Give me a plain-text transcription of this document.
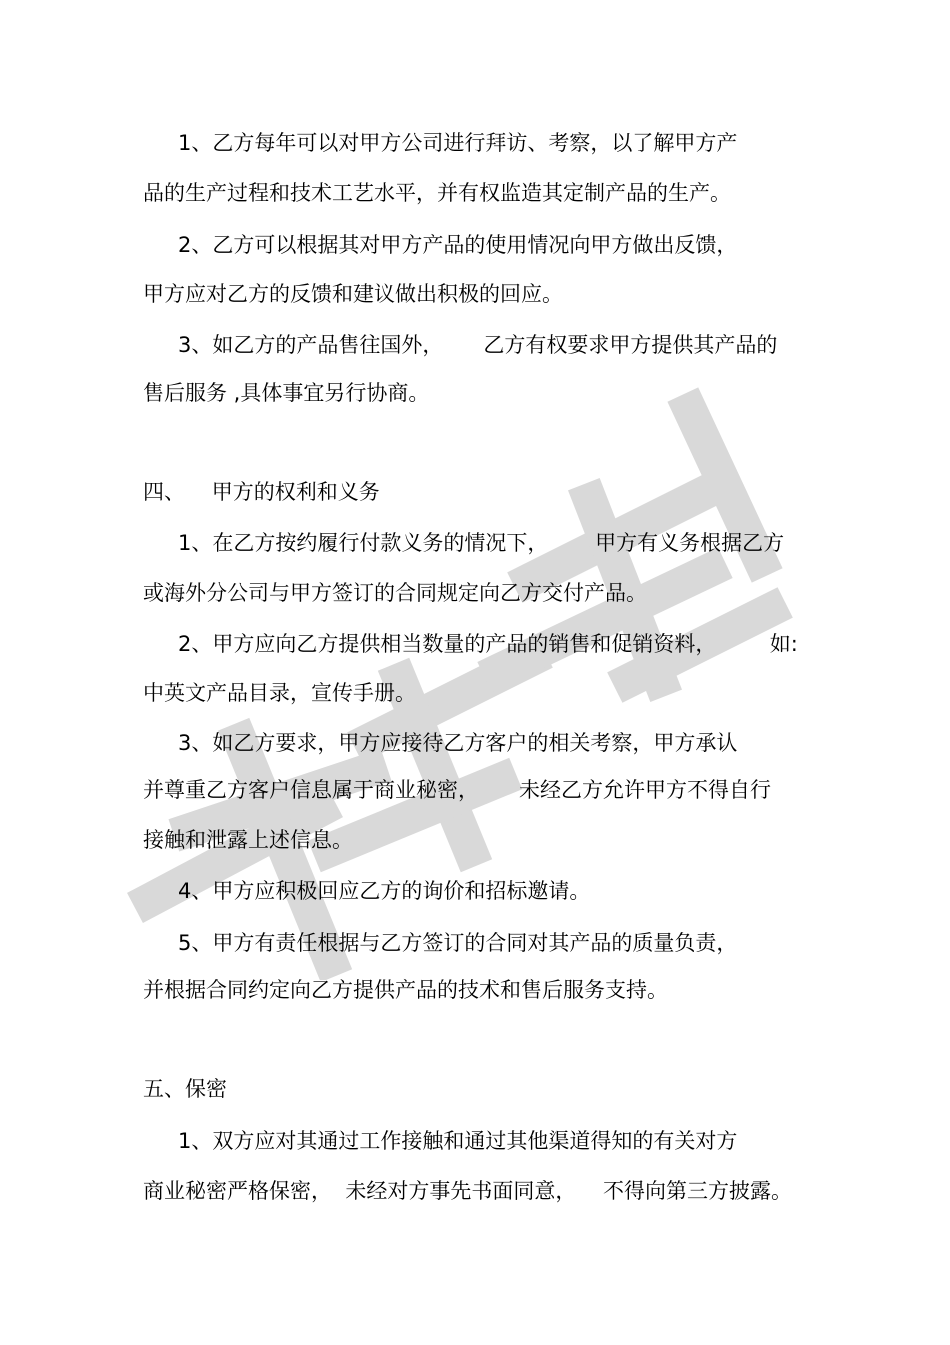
1、乙方每年可以对甲方公司进行拜访、考察，以了解甲方产
品的生产过程和技术工艺水平，并有权监造其定制产品的生产。
2、乙方可以根据其对甲方产品的使用情况向甲方做出反馈，
甲方应对乙方的反馈和建议做出积极的回应。
3、如乙方的产品售往国外，      乙方有权要求甲方提供其产品的
售后服务 ,具体事宜另行协商。
四、    甲方的权利和义务
1、在乙方按约履行付款义务的情况下，       甲方有义务根据乙方
或海外分公司与甲方签订的合同规定向乙方交付产品。
2、甲方应向乙方提供相当数量的产品的销售和促销资料，        如:
中英文产品目录，宣传手册。
3、如乙方要求，甲方应接待乙方客户的相关考察，甲方承认
并尊重乙方客户信息属于商业秘密，      未经乙方允许甲方不得自行
接触和泄露上述信息。
4、甲方应积极回应乙方的询价和招标邀请。
5、甲方有责任根据与乙方签订的合同对其产品的质量负责，
并根据合同约定向乙方提供产品的技术和售后服务支持。
五、保密
1、双方应对其通过工作接触和通过其他渠道得知的有关对方
商业秘密严格保密，  未经对方事先书面同意，    不得向第三方披露。
